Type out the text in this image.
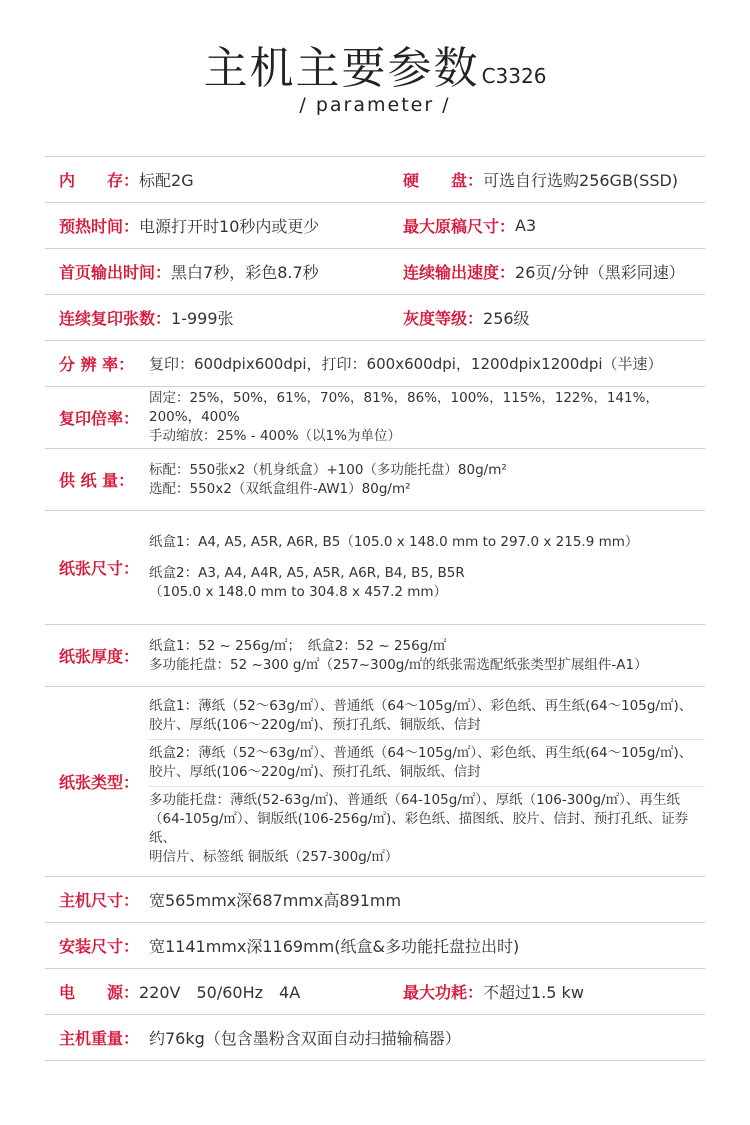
主机主要参数 C3326
/ parameter /
内　　存： 标配2G	硬　　盘： 可选自行选购256GB(SSD)
预热时间： 电源打开时10秒内或更少	最大原稿尺寸： A3
首页输出时间： 黑白7秒，彩色8.7秒	连续输出速度： 26页/分钟（黑彩同速）
连续复印张数： 1-999张	灰度等级： 256级
分 辨 率： 复印：600dpix600dpi，打印：600x600dpi，1200dpix1200dpi（半速）
复印倍率：
固定：25%，50%，61%，70%，81%，86%，100%，115%，122%，141%，200%，400%
手动缩放：25% - 400%（以1%为单位）
供 纸 量：
标配：550张x2（机身纸盒）+100（多功能托盘）80g/m²
选配：550x2（双纸盒组件-AW1）80g/m²
纸张尺寸：
纸盒1：A4, A5, A5R, A6R, B5（105.0 x 148.0 mm to 297.0 x 215.9 mm）
纸盒2：A3, A4, A4R, A5, A5R, A6R, B4, B5, B5R
（105.0 x 148.0 mm to 304.8 x 457.2 mm）
纸张厚度：
纸盒1：52 ~ 256g/㎡；　纸盒2：52 ~ 256g/㎡
多功能托盘：52 ~300 g/㎡（257~300g/㎡的纸张需选配纸张类型扩展组件-A1）
纸张类型：
纸盒1：薄纸（52～63g/㎡）、普通纸（64～105g/㎡）、彩色纸、再生纸(64～105g/㎡)、
胶片、厚纸(106～220g/㎡)、预打孔纸、铜版纸、信封
纸盒2：薄纸（52～63g/㎡）、普通纸（64～105g/㎡）、彩色纸、再生纸(64～105g/㎡)、
胶片、厚纸(106～220g/㎡)、预打孔纸、铜版纸、信封
多功能托盘：薄纸(52-63g/㎡)、普通纸（64-105g/㎡）、厚纸（106-300g/㎡）、再生纸
（64-105g/㎡）、铜版纸(106-256g/㎡)、彩色纸、描图纸、胶片、信封、预打孔纸、证券纸、
明信片、标签纸 铜版纸（257-300g/㎡）
主机尺寸： 宽565mmx深687mmx高891mm
安装尺寸： 宽1141mmx深1169mm(纸盒&多功能托盘拉出时)
电　　源： 220V　50/60Hz　4A	最大功耗： 不超过1.5 kw
主机重量： 约76kg（包含墨粉含双面自动扫描输稿器）
